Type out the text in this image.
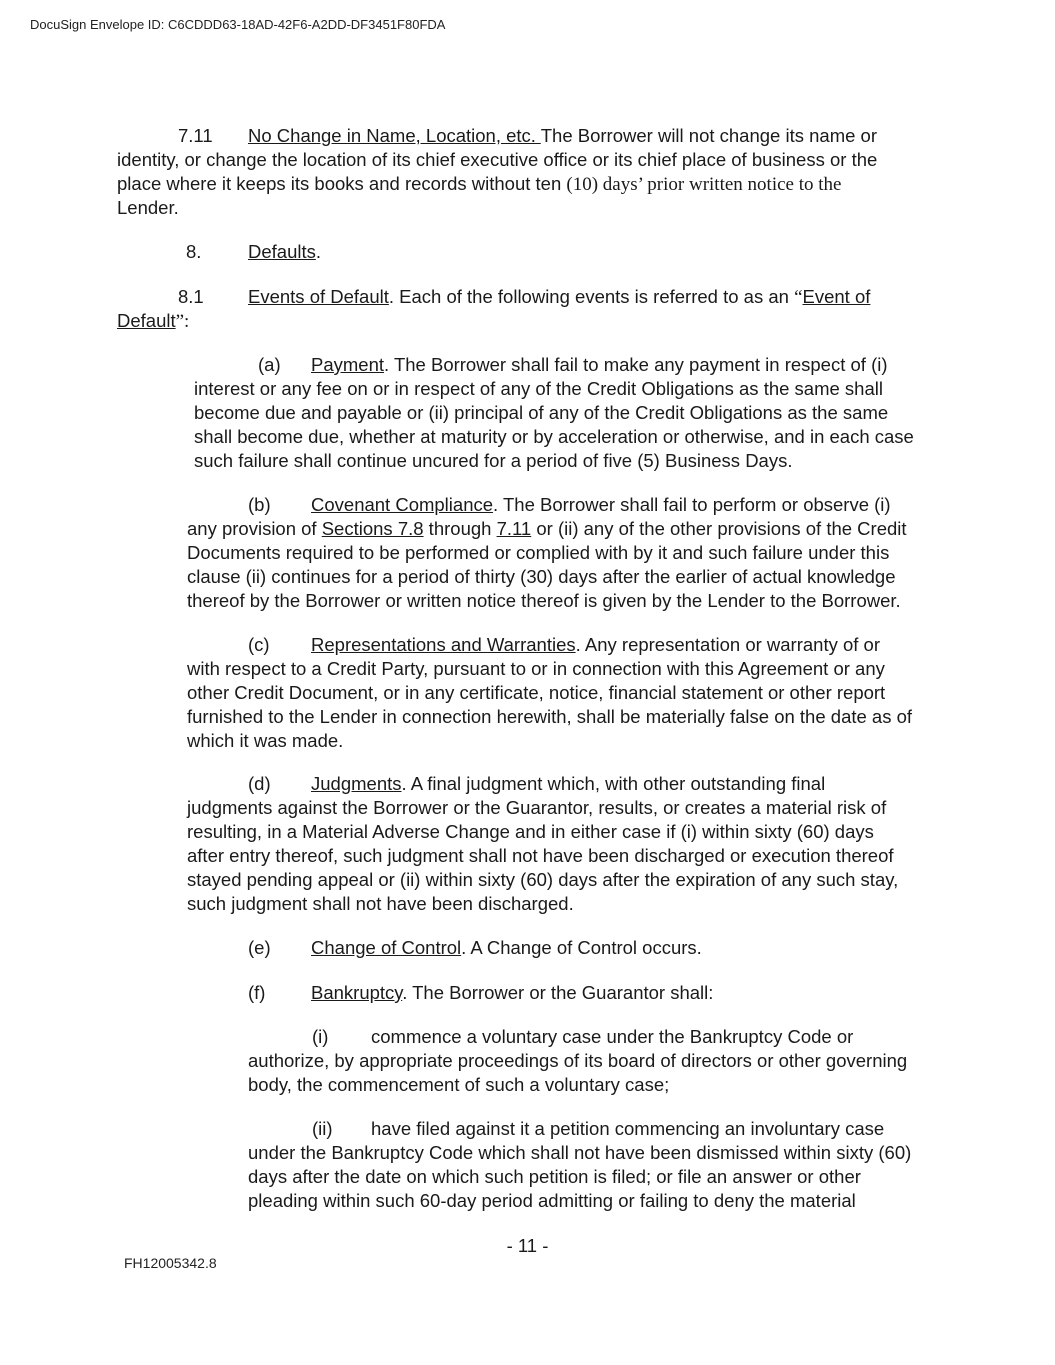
DocuSign Envelope ID: C6CDDD63-18AD-42F6-A2DD-DF3451F80FDA

7.11 No Change in Name, Location, etc. The Borrower will not change its name or

identity, or change the location of its chief executive office or its chief place of business or the

place where it keeps its books and records without ten (10) days’ prior written notice to the

Lender.

8.	Defaults.

8.1 Events of Default. Each of the following events is referred to as an “Event of

Default”:

(a) Payment. The Borrower shall fail to make any payment in respect of (i)

interest or any fee on or in respect of any of the Credit Obligations as the same shall

become due and payable or (ii) principal of any of the Credit Obligations as the same

shall become due, whether at maturity or by acceleration or otherwise, and in each case

such failure shall continue uncured for a period of five (5) Business Days.

(b) Covenant Compliance. The Borrower shall fail to perform or observe (i)

any provision of Sections 7.8 through 7.11 or (ii) any of the other provisions of the Credit

Documents required to be performed or complied with by it and such failure under this

clause (ii) continues for a period of thirty (30) days after the earlier of actual knowledge

thereof by the Borrower or written notice thereof is given by the Lender to the Borrower.

(c) Representations and Warranties. Any representation or warranty of or

with respect to a Credit Party, pursuant to or in connection with this Agreement or any

other Credit Document, or in any certificate, notice, financial statement or other report

furnished to the Lender in connection herewith, shall be materially false on the date as of

which it was made.

(d) Judgments. A final judgment which, with other outstanding final

judgments against the Borrower or the Guarantor, results, or creates a material risk of

resulting, in a Material Adverse Change and in either case if (i) within sixty (60) days

after entry thereof, such judgment shall not have been discharged or execution thereof

stayed pending appeal or (ii) within sixty (60) days after the expiration of any such stay,

such judgment shall not have been discharged.

(e) Change of Control. A Change of Control occurs.

(f) Bankruptcy. The Borrower or the Guarantor shall:

(i) commence a voluntary case under the Bankruptcy Code or

authorize, by appropriate proceedings of its board of directors or other governing

body, the commencement of such a voluntary case;

(ii) have filed against it a petition commencing an involuntary case

under the Bankruptcy Code which shall not have been dismissed within sixty (60)

days after the date on which such petition is filed; or file an answer or other

pleading within such 60-day period admitting or failing to deny the material

- 11 -
FH12005342.8
